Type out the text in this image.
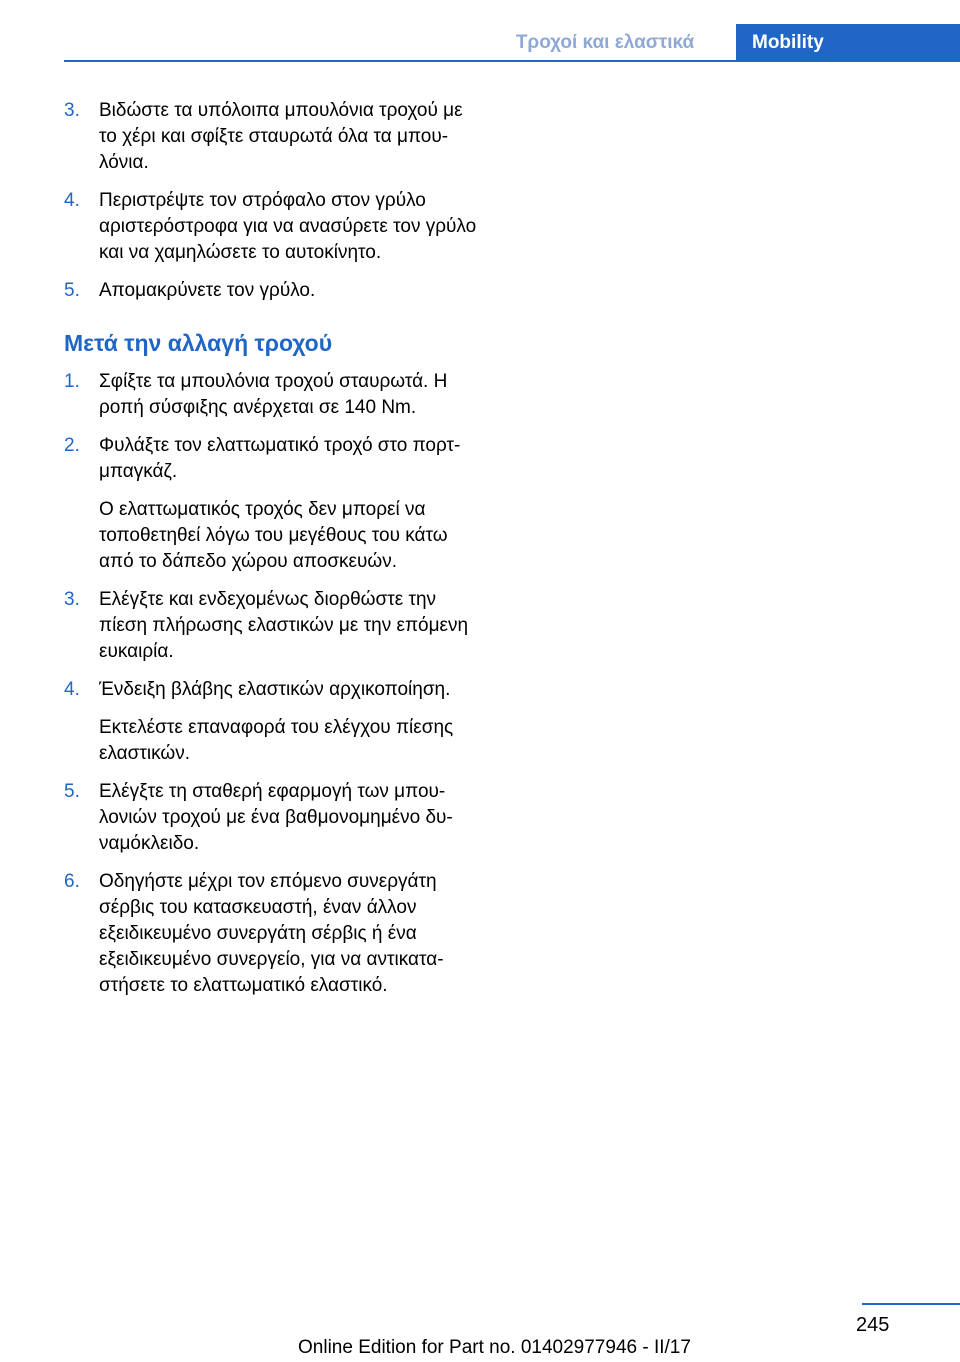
Τροχοί και ελαστικά	Mobility
3. Βιδώστε τα υπόλοιπα μπουλόνια τροχού με το χέρι και σφίξτε σταυρωτά όλα τα μπου‐λόνια.
4. Περιστρέψτε τον στρόφαλο στον γρύλο αριστερόστροφα για να ανασύρετε τον γρύλο και να χαμηλώσετε το αυτοκίνητο.
5. Απομακρύνετε τον γρύλο.
Μετά την αλλαγή τροχού
1. Σφίξτε τα μπουλόνια τροχού σταυρωτά. Η ροπή σύσφιξης ανέρχεται σε 140 Nm.
2. Φυλάξτε τον ελαττωματικό τροχό στο πορτ-μπαγκάζ.
Ο ελαττωματικός τροχός δεν μπορεί να τοποθετηθεί λόγω του μεγέθους του κάτω από το δάπεδο χώρου αποσκευών.
3. Ελέγξτε και ενδεχομένως διορθώστε την πίεση πλήρωσης ελαστικών με την επόμενη ευκαιρία.
4. Ένδειξη βλάβης ελαστικών αρχικοποίηση.
Εκτελέστε επαναφορά του ελέγχου πίεσης ελαστικών.
5. Ελέγξτε τη σταθερή εφαρμογή των μπου‐λονιών τροχού με ένα βαθμονομημένο δυ‐ναμόκλειδο.
6. Οδηγήστε μέχρι τον επόμενο συνεργάτη σέρβις του κατασκευαστή, έναν άλλον εξειδικευμένο συνεργάτη σέρβις ή ένα εξειδικευμένο συνεργείο, για να αντικατα‐στήσετε το ελαττωματικό ελαστικό.
245
Online Edition for Part no. 01402977946 - II/17
